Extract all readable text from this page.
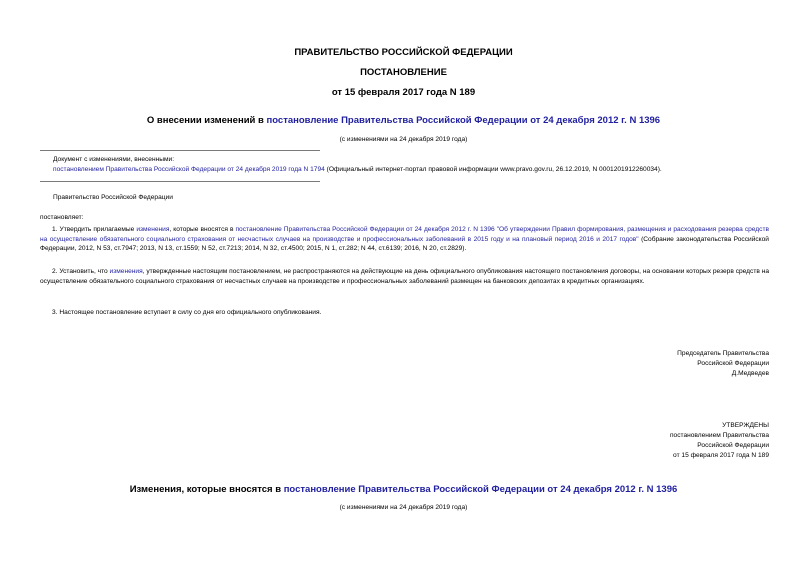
ПРАВИТЕЛЬСТВО РОССИЙСКОЙ ФЕДЕРАЦИИ
ПОСТАНОВЛЕНИЕ
от 15 февраля 2017 года N 189
О внесении изменений в постановление Правительства Российской Федерации от 24 декабря 2012 г. N 1396
(с изменениями на 24 декабря 2019 года)
Документ с изменениями, внесенными:
постановлением Правительства Российской Федерации от 24 декабря 2019 года N 1794 (Официальный интернет-портал правовой информации www.pravo.gov.ru, 26.12.2019, N 0001201912260034).
Правительство Российской Федерации
постановляет:
1. Утвердить прилагаемые изменения, которые вносятся в постановление Правительства Российской Федерации от 24 декабря 2012 г. N 1396 "Об утверждении Правил формирования, размещения и расходования резерва средств на осуществление обязательного социального страхования от несчастных случаев на производстве и профессиональных заболеваний в 2015 году и на плановый период 2016 и 2017 годов" (Собрание законодательства Российской Федерации, 2012, N 53, ст.7947; 2013, N 13, ст.1559; N 52, ст.7213; 2014, N 32, ст.4500; 2015, N 1, ст.282; N 44, ст.6139; 2016, N 20, ст.2829).
2. Установить, что изменения, утвержденные настоящим постановлением, не распространяются на действующие на день официального опубликования настоящего постановления договоры, на основании которых резерв средств на осуществление обязательного социального страхования от несчастных случаев на производстве и профессиональных заболеваний размещен на банковских депозитах в кредитных организациях.
3. Настоящее постановление вступает в силу со дня его официального опубликования.
Председатель Правительства
Российской Федерации
Д.Медведев
УТВЕРЖДЕНЫ
постановлением Правительства
Российской Федерации
от 15 февраля 2017 года N 189
Изменения, которые вносятся в постановление Правительства Российской Федерации от 24 декабря 2012 г. N 1396
(с изменениями на 24 декабря 2019 года)
